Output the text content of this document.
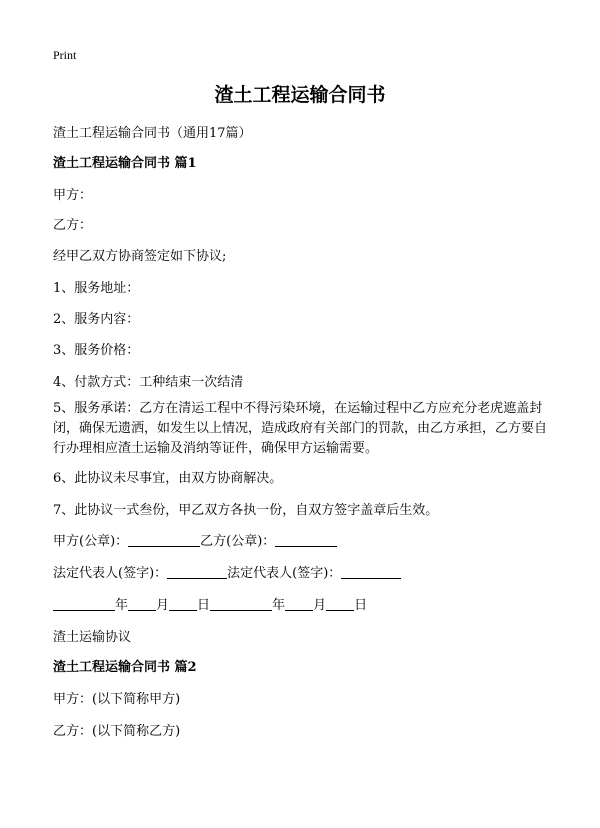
Print
渣土工程运输合同书
渣土工程运输合同书（通用17篇）
渣土工程运输合同书 篇1
甲方：
乙方：
经甲乙双方协商签定如下协议;
1、服务地址：
2、服务内容：
3、服务价格：
4、付款方式：工种结束一次结清
5、服务承诺：乙方在清运工程中不得污染环境，在运输过程中乙方应充分老虎遮盖封闭，确保无遗洒，如发生以上情况，造成政府有关部门的罚款，由乙方承担，乙方要自行办理相应渣土运输及消纳等证件，确保甲方运输需要。
6、此协议未尽事宜，由双方协商解决。
7、此协议一式叁份，甲乙双方各执一份，自双方签字盖章后生效。
甲方(公章)：	乙方(公章)：
法定代表人(签字)：	法定代表人(签字)：
年 月 日	年 月 日
渣土运输协议
渣土工程运输合同书 篇2
甲方：(以下简称甲方)
乙方：(以下简称乙方)
